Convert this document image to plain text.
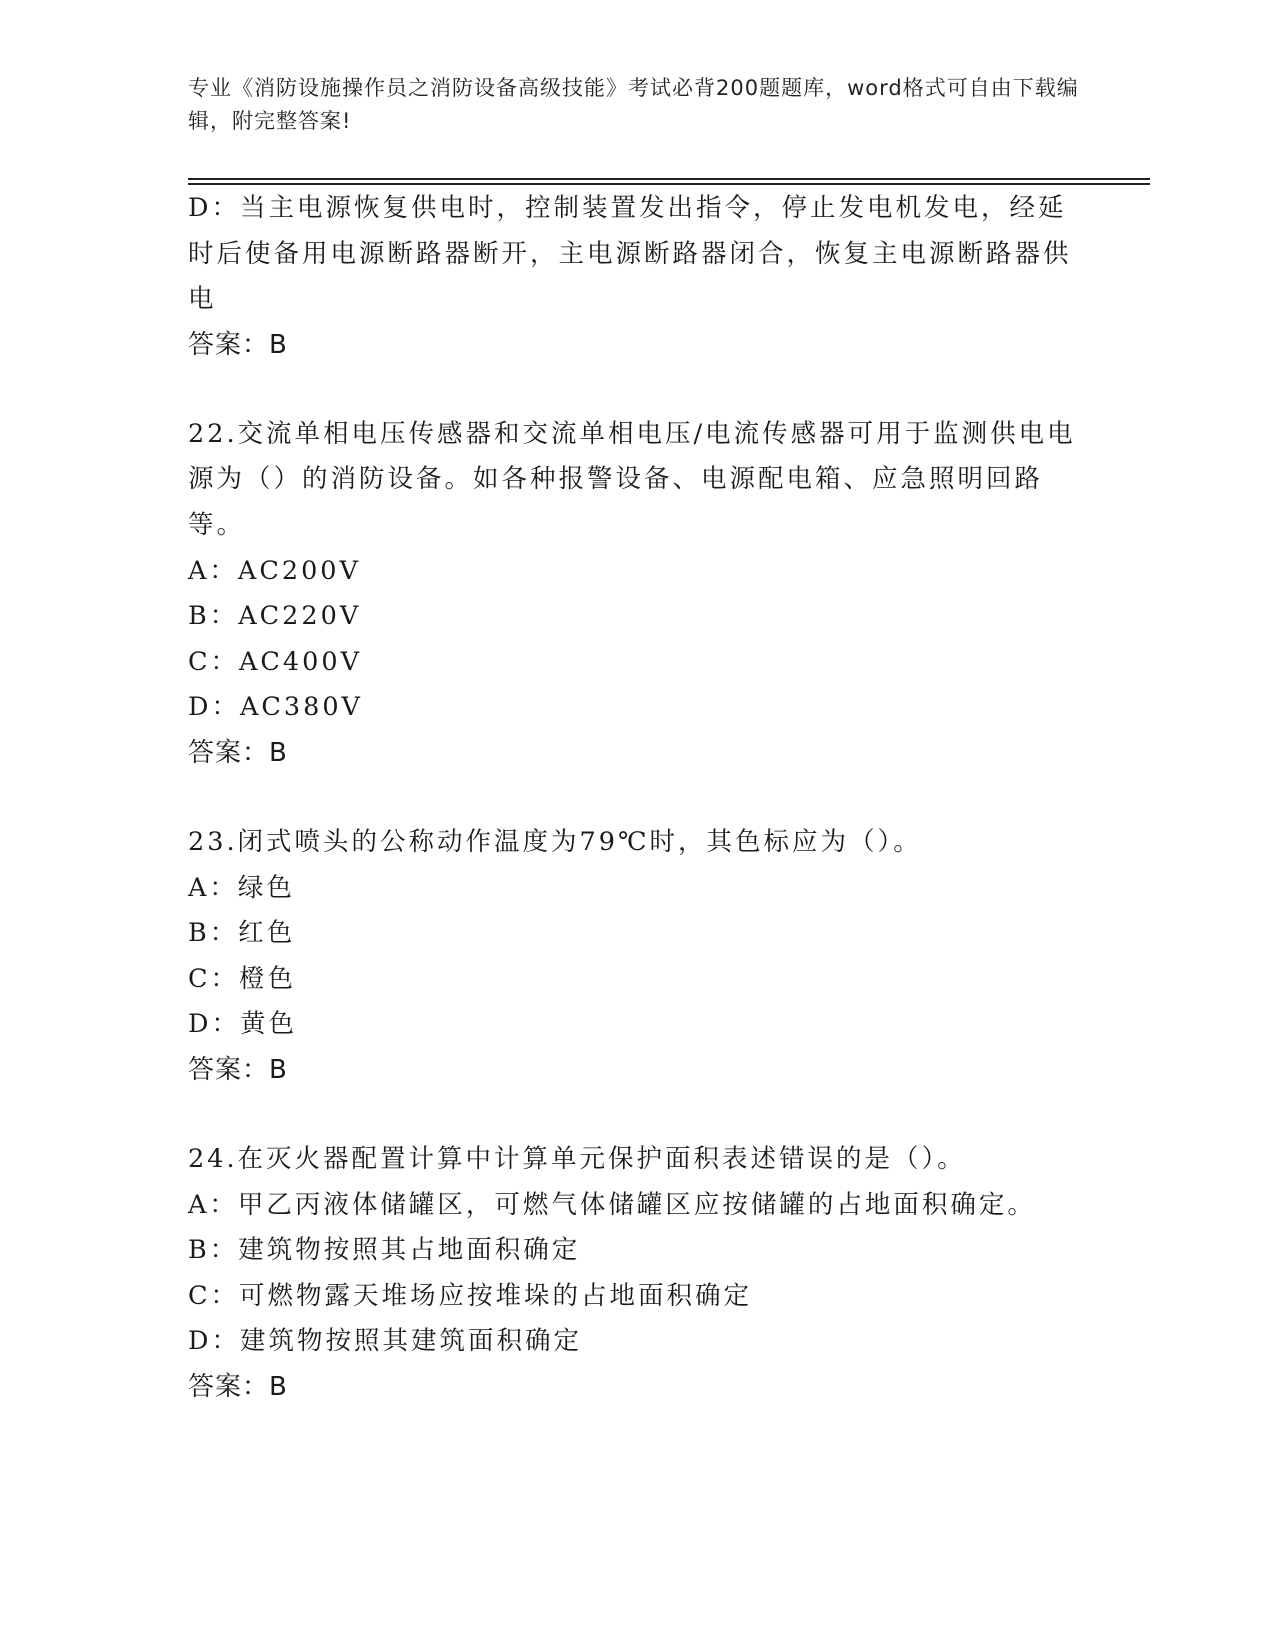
专业《消防设施操作员之消防设备高级技能》考试必背200题题库，word格式可自由下载编辑，附完整答案!

D：当主电源恢复供电时，控制装置发出指令，停止发电机发电，经延时后使备用电源断路器断开，主电源断路器闭合，恢复主电源断路器供电

答案：B

22.交流单相电压传感器和交流单相电压/电流传感器可用于监测供电电源为（）的消防设备。如各种报警设备、电源配电箱、应急照明回路等。

A：AC200V

B：AC220V

C：AC400V

D：AC380V

答案：B

23.闭式喷头的公称动作温度为79℃时，其色标应为（）。

A：绿色

B：红色

C：橙色

D：黄色

答案：B

24.在灭火器配置计算中计算单元保护面积表述错误的是（）。

A：甲乙丙液体储罐区，可燃气体储罐区应按储罐的占地面积确定。

B：建筑物按照其占地面积确定

C：可燃物露天堆场应按堆垛的占地面积确定

D：建筑物按照其建筑面积确定

答案：B
